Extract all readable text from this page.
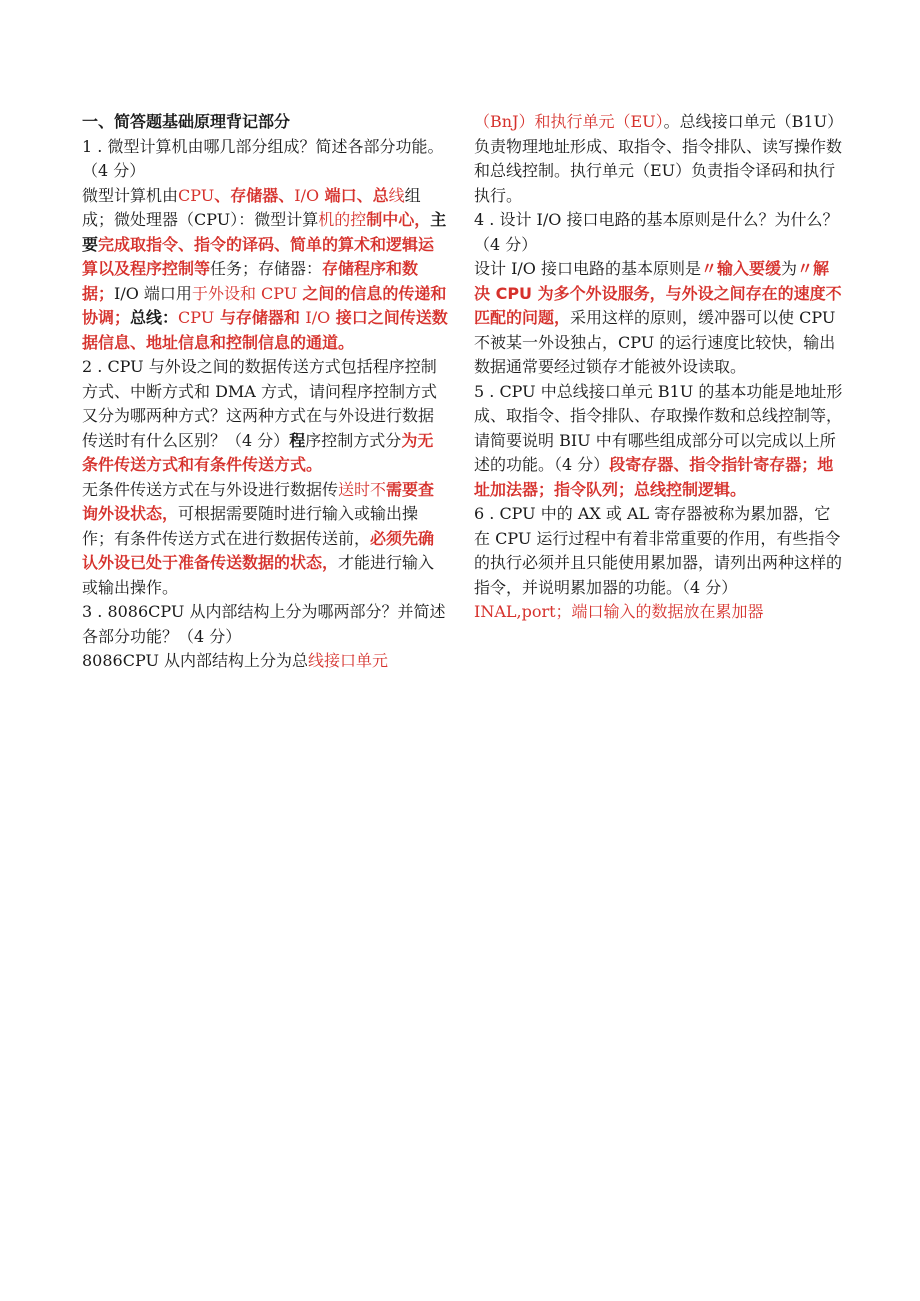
一、简答题基础原理背记部分

1 . 微型计算机由哪几部分组成？简述各部分功能。（4 分）

微型计算机由CPU、存储器、I/O 端口、总线组成；微处理器（CPU）：微型计算机的控制中心，主要完成取指令、指令的译码、简单的算术和逻辑运算以及程序控制等任务；存储器：存储程序和数据；I/O 端口用于外设和 CPU 之间的信息的传递和协调；总线：CPU 与存储器和 I/O 接口之间传送数据信息、地址信息和控制信息的通道。

2 . CPU 与外设之间的数据传送方式包括程序控制方式、中断方式和 DMA 方式，请问程序控制方式又分为哪两种方式？这两种方式在与外设进行数据传送时有什么区别？（4 分）程序控制方式分为无条件传送方式和有条件传送方式。

无条件传送方式在与外设进行数据传送时不需要查询外设状态，可根据需要随时进行输入或输出操作；有条件传送方式在进行数据传送前，必须先确认外设已处于准备传送数据的状态，才能进行输入或输出操作。

3 . 8086CPU 从内部结构上分为哪两部分？并简述各部分功能？（4 分）

8086CPU 从内部结构上分为总线接口单元

（BnJ）和执行单元（EU）。总线接口单元（B1U）负责物理地址形成、取指令、指令排队、读写操作数和总线控制。执行单元（EU）负责指令译码和执行执行。

4 . 设计 I/O 接口电路的基本原则是什么？为什么？（4 分）

设计 I/O 接口电路的基本原则是〃输入要缓为〃解决 CPU 为多个外设服务，与外设之间存在的速度不匹配的问题，采用这样的原则，缓冲器可以使 CPU 不被某一外设独占，CPU 的运行速度比较快，输出数据通常要经过锁存才能被外设读取。

5 . CPU 中总线接口单元 B1U 的基本功能是地址形成、取指令、指令排队、存取操作数和总线控制等，请简要说明 BIU 中有哪些组成部分可以完成以上所述的功能。（4 分）段寄存器、指令指针寄存器；地址加法器；指令队列；总线控制逻辑。

6 . CPU 中的 AX 或 AL 寄存器被称为累加器，它在 CPU 运行过程中有着非常重要的作用，有些指令的执行必须并且只能使用累加器，请列出两种这样的指令，并说明累加器的功能。（4 分）

INAL,port；端口输入的数据放在累加器
